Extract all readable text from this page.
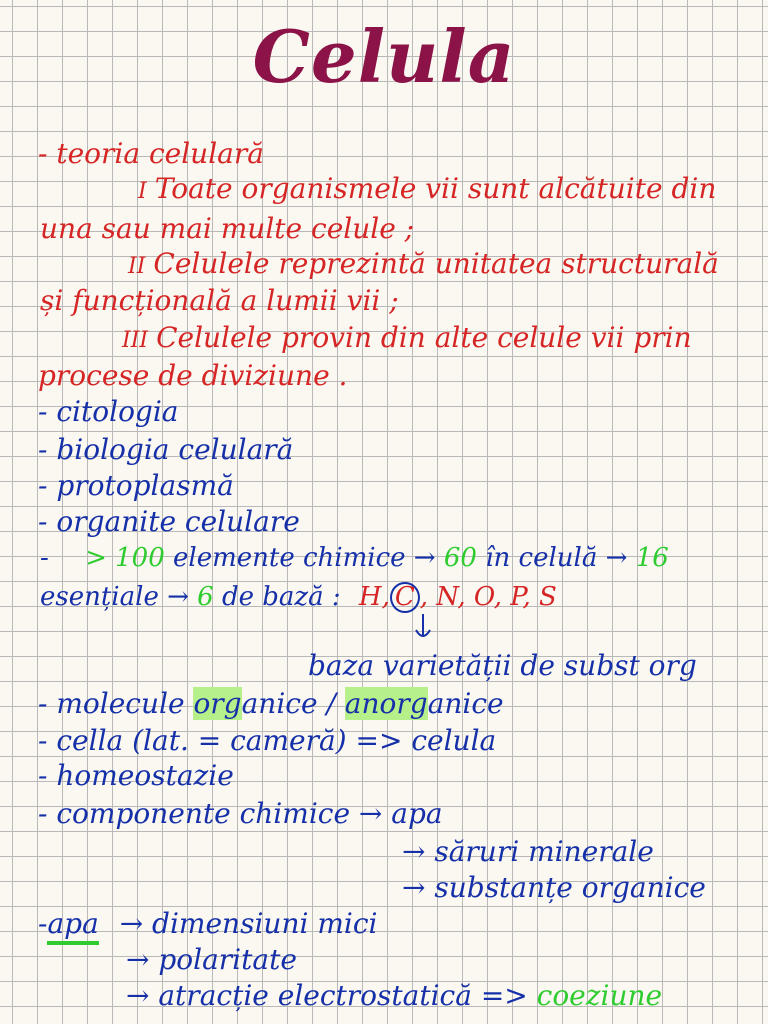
Celula
- teoria celulară
I Toate organismele vii sunt alcătuite din
una sau mai multe celule ;
II Celulele reprezintă unitatea structurală
și funcțională a lumii vii ;
III Celulele provin din alte celule vii prin
procese de diviziune .
- citologia
- biologia celulară
- protoplasmă
- organite celulare
- > 100 elemente chimice → 60 în celulă → 16
esențiale → 6 de bază : H, C , N, O, P, S
baza varietății de subst org
- molecule organice / anorganice
- cella (lat. = cameră) => celula
- homeostazie
- componente chimice → apa
→ săruri minerale
→ substanțe organice
-apa → dimensiuni mici
→ polaritate
→ atracție electrostatică => coeziune
